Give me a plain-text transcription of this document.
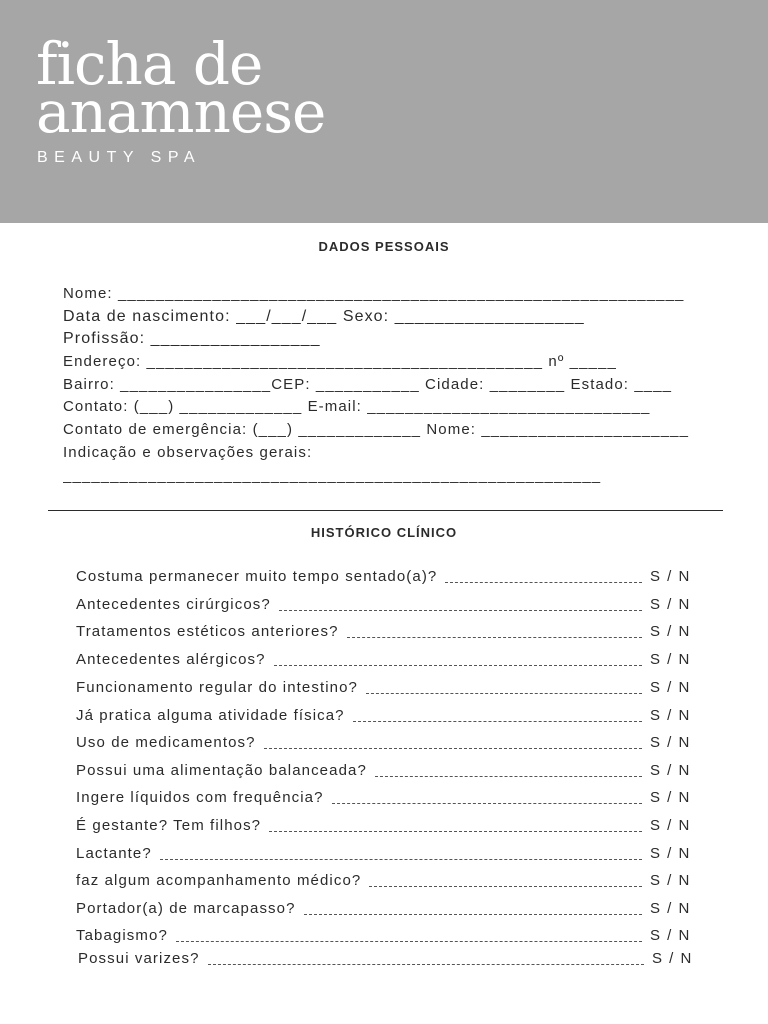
ficha de
anamnese
BEAUTY SPA
DADOS PESSOAIS
Nome: ____________________________________________________________
Data de nascimento: ___/___/___ Sexo: ___________________
Profissão: _________________
Endereço: __________________________________________ nº _____
Bairro: ________________CEP: ___________ Cidade: ________ Estado: ____
Contato: (___) _____________ E-mail: ______________________________
Contato de emergência: (___) _____________ Nome: ______________________
Indicação e observações gerais:
_________________________________________________________
HISTÓRICO CLÍNICO
Costuma permanecer muito tempo sentado(a)?	S / N
Antecedentes cirúrgicos?	S / N
Tratamentos estéticos anteriores?	S / N
Antecedentes alérgicos?	S / N
Funcionamento regular do intestino?	S / N
Já pratica alguma atividade física?	S / N
Uso de medicamentos?	S / N
Possui uma alimentação balanceada?	S / N
Ingere líquidos com frequência?	S / N
É gestante? Tem filhos?	S / N
Lactante?	S / N
faz algum acompanhamento médico?	S / N
Portador(a) de marcapasso?	S / N
Tabagismo?	S / N
Possui varizes?	S / N
